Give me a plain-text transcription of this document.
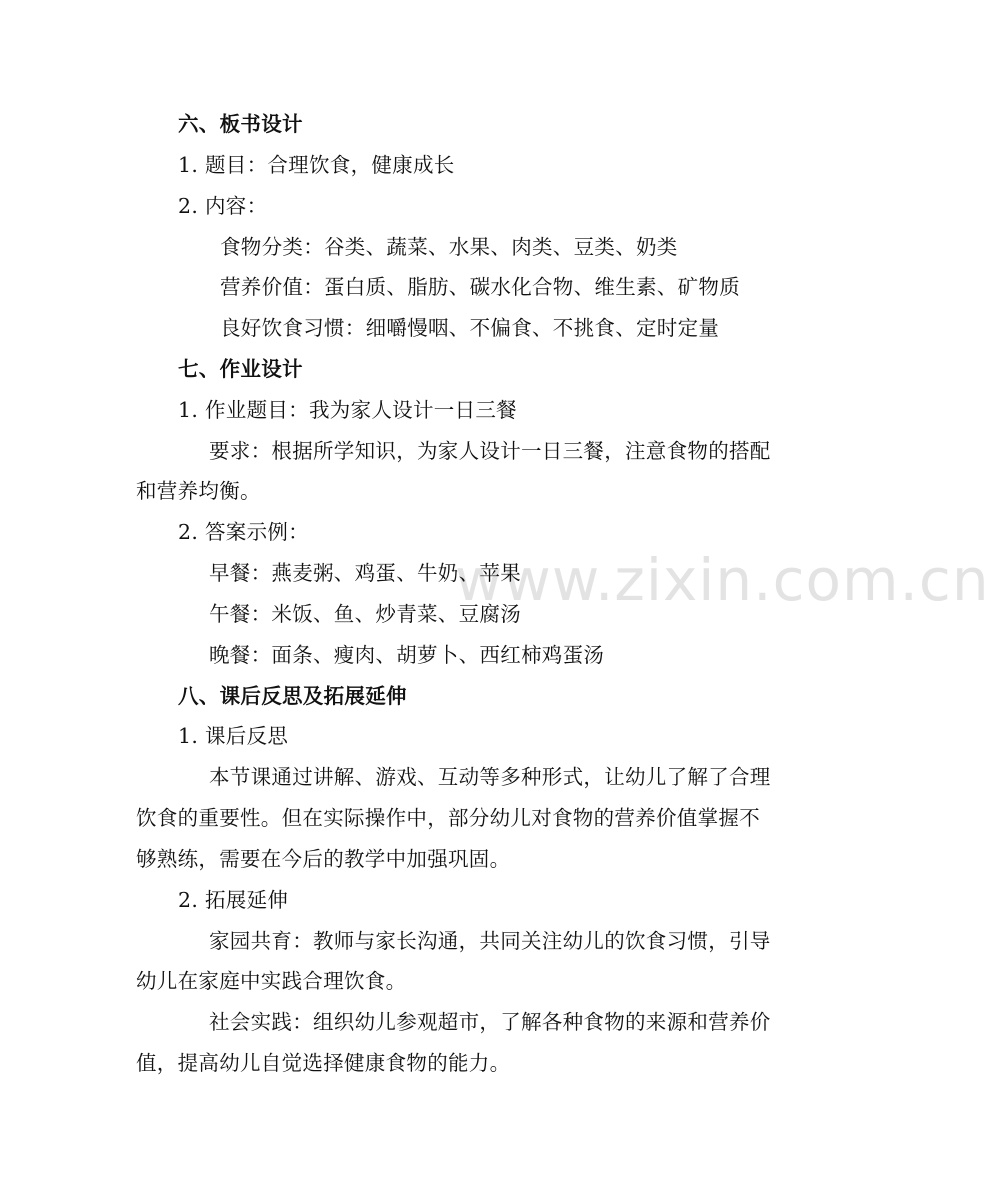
www.zixin.com.cn
六、板书设计
1. 题目：合理饮食，健康成长
2. 内容：
食物分类：谷类、蔬菜、水果、肉类、豆类、奶类
营养价值：蛋白质、脂肪、碳水化合物、维生素、矿物质
良好饮食习惯：细嚼慢咽、不偏食、不挑食、定时定量
七、作业设计
1. 作业题目：我为家人设计一日三餐
要求：根据所学知识，为家人设计一日三餐，注意食物的搭配
和营养均衡。
2. 答案示例：
早餐：燕麦粥、鸡蛋、牛奶、苹果
午餐：米饭、鱼、炒青菜、豆腐汤
晚餐：面条、瘦肉、胡萝卜、西红柿鸡蛋汤
八、课后反思及拓展延伸
1. 课后反思
本节课通过讲解、游戏、互动等多种形式，让幼儿了解了合理
饮食的重要性。但在实际操作中，部分幼儿对食物的营养价值掌握不
够熟练，需要在今后的教学中加强巩固。
2. 拓展延伸
家园共育：教师与家长沟通，共同关注幼儿的饮食习惯，引导
幼儿在家庭中实践合理饮食。
社会实践：组织幼儿参观超市，了解各种食物的来源和营养价
值，提高幼儿自觉选择健康食物的能力。
